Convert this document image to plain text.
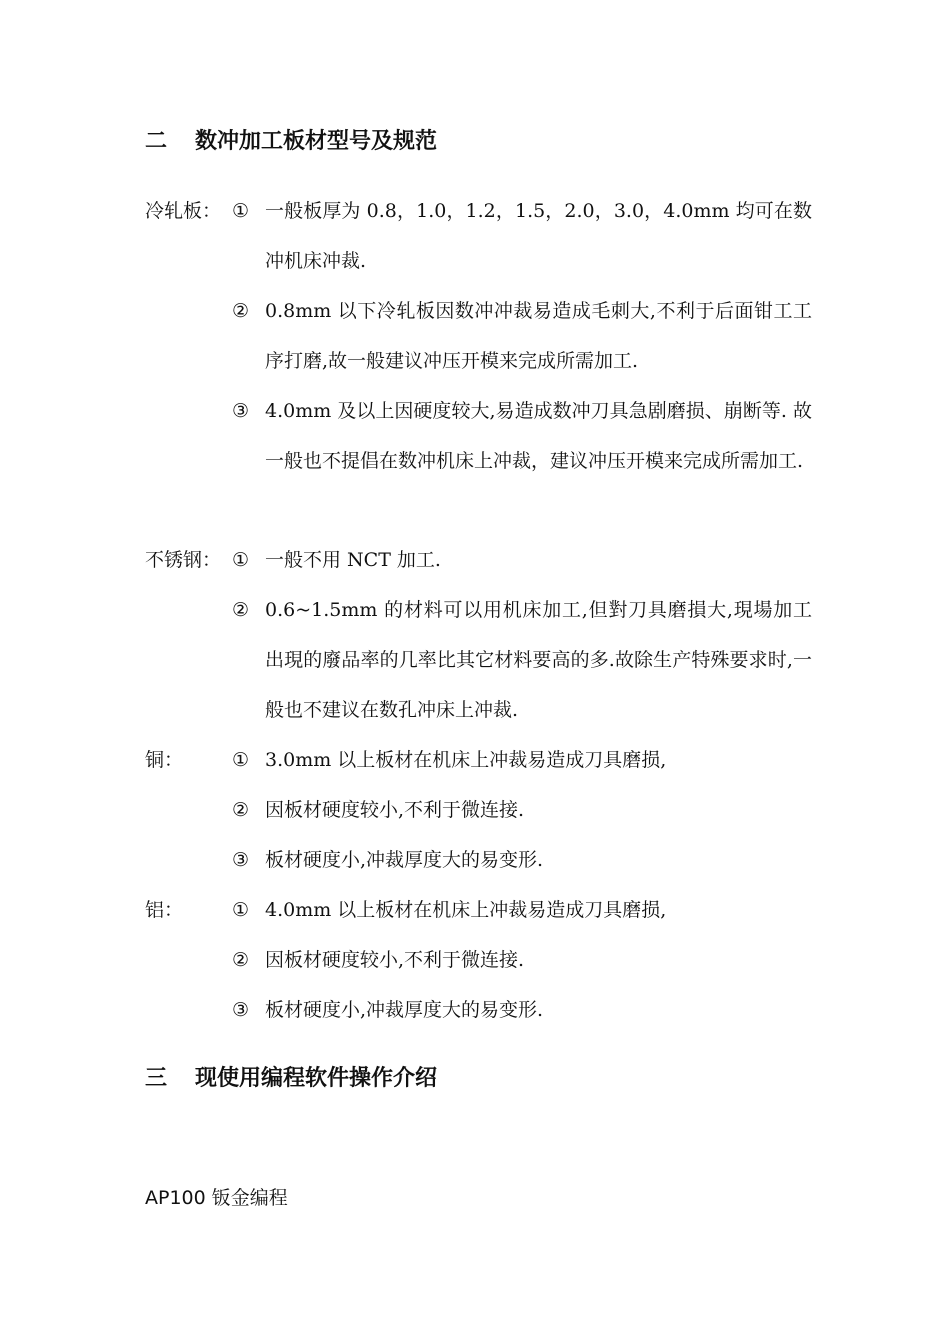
二 数冲加工板材型号及规范
冷轧板： ① 一般板厚为 0.8，1.0，1.2，1.5，2.0，3.0，4.0mm 均可在数冲机床冲裁.
② 0.8mm 以下冷轧板因数冲冲裁易造成毛刺大,不利于后面钳工工序打磨,故一般建议冲压开模来完成所需加工.
③ 4.0mm 及以上因硬度较大,易造成数冲刀具急剧磨损、崩断等. 故　一般也不提倡在数冲机床上冲裁，建议冲压开模来完成所需加工.
不锈钢： ① 一般不用 NCT 加工.
② 0.6~1.5mm 的材料可以用机床加工,但對刀具磨損大,現場加工出現的廢品率的几率比其它材料要高的多.故除生产特殊要求时,一般也不建议在数孔冲床上冲裁.
铜：	① 3.0mm 以上板材在机床上冲裁易造成刀具磨损,
② 因板材硬度较小,不利于微连接.
③ 板材硬度小,冲裁厚度大的易变形.
铝：	① 4.0mm 以上板材在机床上冲裁易造成刀具磨损,
② 因板材硬度较小,不利于微连接.
③ 板材硬度小,冲裁厚度大的易变形.
三 现使用编程软件操作介绍
AP100 钣金编程
